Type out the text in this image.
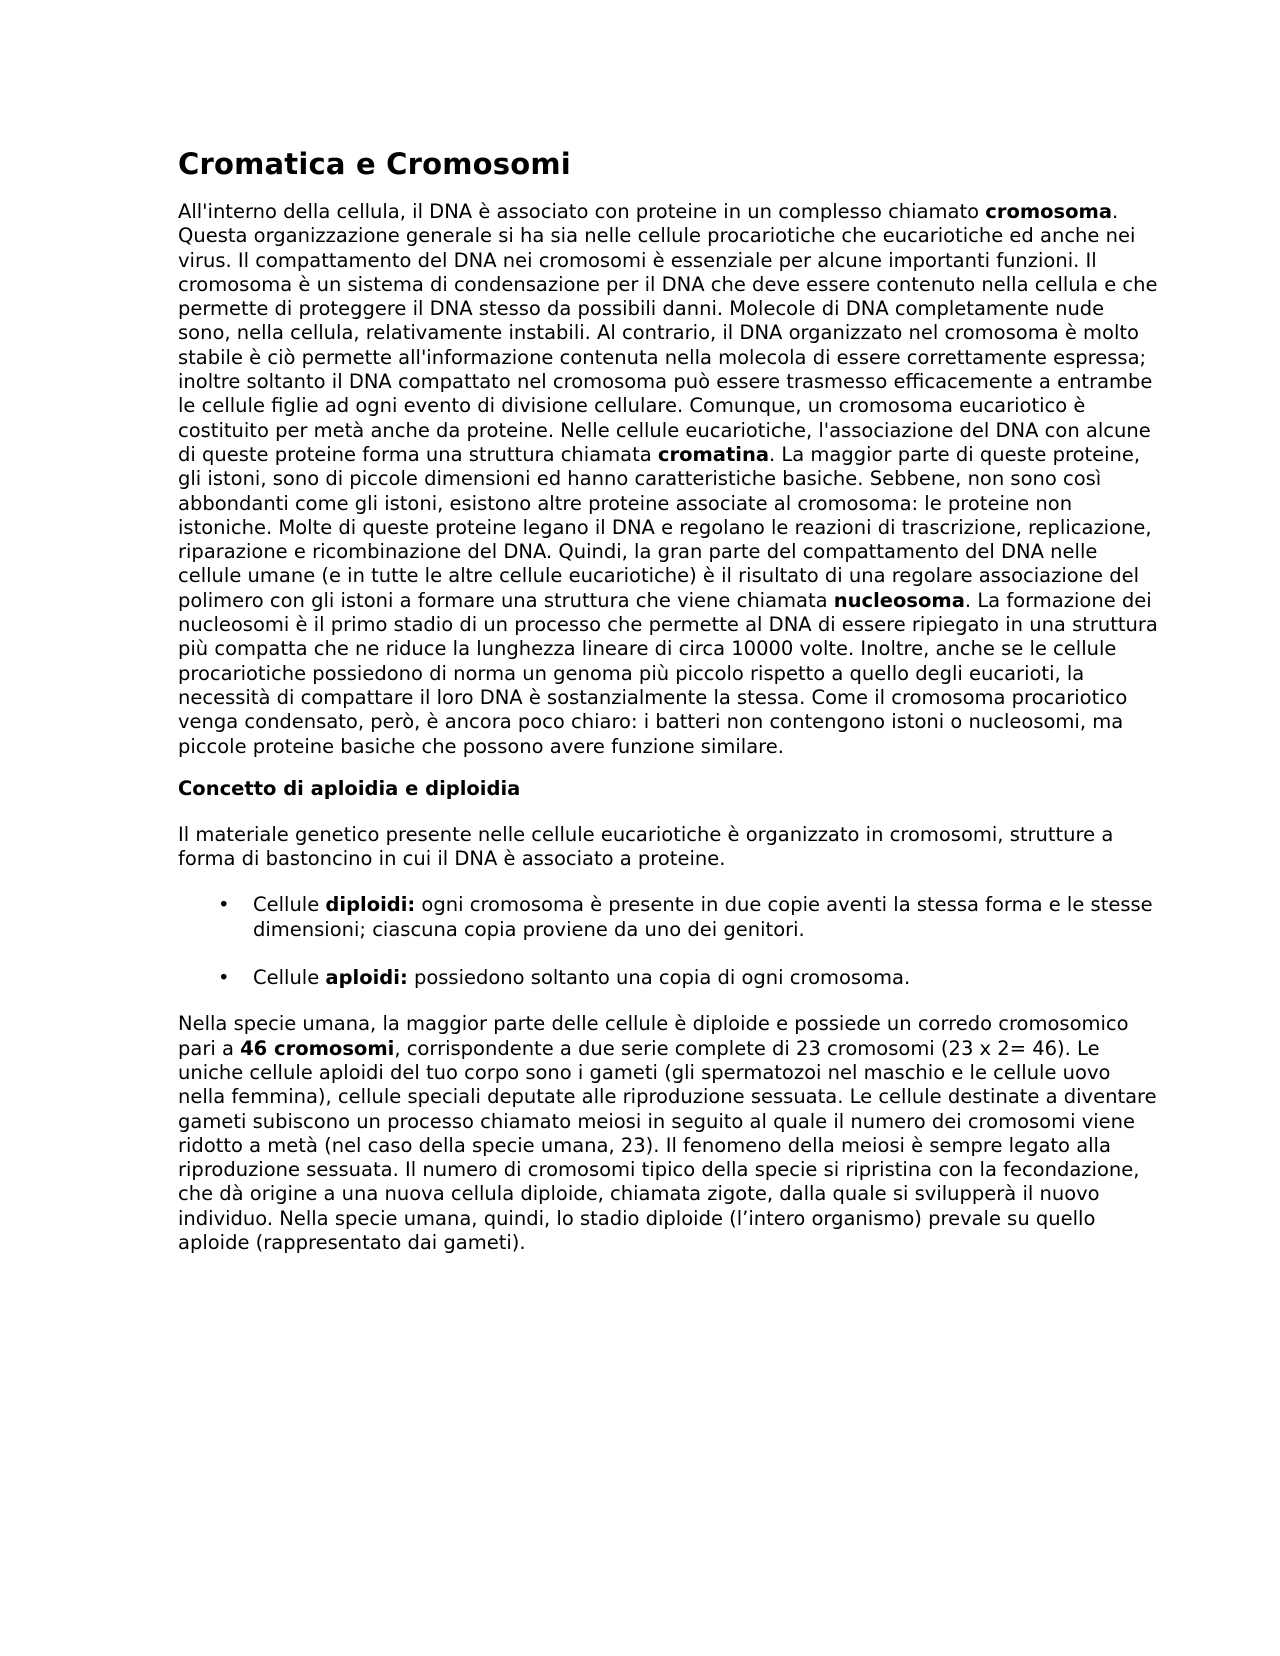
Cromatica e Cromosomi

All'interno della cellula, il DNA è associato con proteine in un complesso chiamato cromosoma. Questa organizzazione generale si ha sia nelle cellule procariotiche che eucariotiche ed anche nei virus. Il compattamento del DNA nei cromosomi è essenziale per alcune importanti funzioni. Il cromosoma è un sistema di condensazione per il DNA che deve essere contenuto nella cellula e che permette di proteggere il DNA stesso da possibili danni. Molecole di DNA completamente nude sono, nella cellula, relativamente instabili. Al contrario, il DNA organizzato nel cromosoma è molto stabile è ciò permette all'informazione contenuta nella molecola di essere correttamente espressa; inoltre soltanto il DNA compattato nel cromosoma può essere trasmesso efficacemente a entrambe le cellule figlie ad ogni evento di divisione cellulare. Comunque, un cromosoma eucariotico è costituito per metà anche da proteine. Nelle cellule eucariotiche, l'associazione del DNA con alcune di queste proteine forma una struttura chiamata cromatina. La maggior parte di queste proteine, gli istoni, sono di piccole dimensioni ed hanno caratteristiche basiche. Sebbene, non sono così abbondanti come gli istoni, esistono altre proteine associate al cromosoma: le proteine non istoniche. Molte di queste proteine legano il DNA e regolano le reazioni di trascrizione, replicazione, riparazione e ricombinazione del DNA. Quindi, la gran parte del compattamento del DNA nelle cellule umane (e in tutte le altre cellule eucariotiche) è il risultato di una regolare associazione del polimero con gli istoni a formare una struttura che viene chiamata nucleosoma. La formazione dei nucleosomi è il primo stadio di un processo che permette al DNA di essere ripiegato in una struttura più compatta che ne riduce la lunghezza lineare di circa 10000 volte. Inoltre, anche se le cellule procariotiche possiedono di norma un genoma più piccolo rispetto a quello degli eucarioti, la necessità di compattare il loro DNA è sostanzialmente la stessa. Come il cromosoma procariotico venga condensato, però, è ancora poco chiaro: i batteri non contengono istoni o nucleosomi, ma piccole proteine basiche che possono avere funzione similare.

Concetto di aploidia e diploidia

Il materiale genetico presente nelle cellule eucariotiche è organizzato in cromosomi, strutture a forma di bastoncino in cui il DNA è associato a proteine.

• Cellule diploidi: ogni cromosoma è presente in due copie aventi la stessa forma e le stesse dimensioni; ciascuna copia proviene da uno dei genitori.
• Cellule aploidi: possiedono soltanto una copia di ogni cromosoma.

Nella specie umana, la maggior parte delle cellule è diploide e possiede un corredo cromosomico pari a 46 cromosomi, corrispondente a due serie complete di 23 cromosomi (23 x 2= 46). Le uniche cellule aploidi del tuo corpo sono i gameti (gli spermatozoi nel maschio e le cellule uovo nella femmina), cellule speciali deputate alle riproduzione sessuata. Le cellule destinate a diventare gameti subiscono un processo chiamato meiosi in seguito al quale il numero dei cromosomi viene ridotto a metà (nel caso della specie umana, 23). Il fenomeno della meiosi è sempre legato alla riproduzione sessuata. Il numero di cromosomi tipico della specie si ripristina con la fecondazione, che dà origine a una nuova cellula diploide, chiamata zigote, dalla quale si svilupperà il nuovo individuo. Nella specie umana, quindi, lo stadio diploide (l’intero organismo) prevale su quello aploide (rappresentato dai gameti).
